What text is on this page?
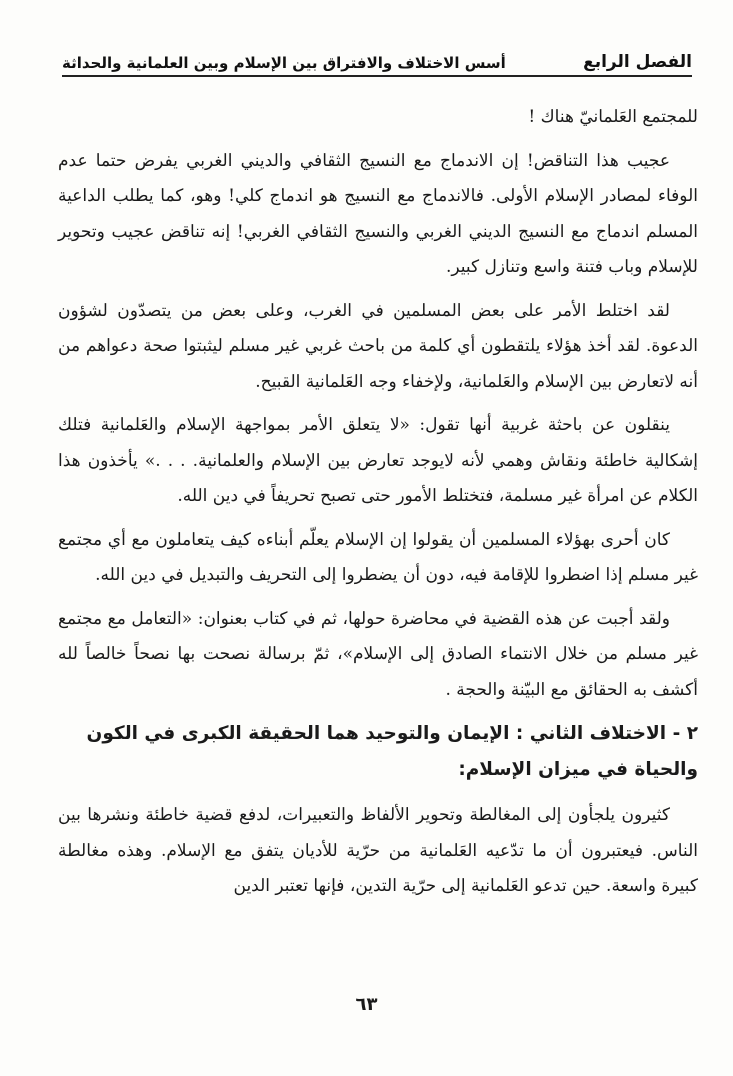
الفصل الرابع
أسس الاختلاف والافتراق بين الإسلام وبين العلمانية والحداثة

للمجتمع العَلمانيّ هناك !

عجيب هذا التناقض! إن الاندماج مع النسيج الثقافي والديني الغربي يفرض حتما عدم الوفاء لمصادر الإسلام الأولى. فالاندماج مع النسيج هو اندماج كلي! وهو، كما يطلب الداعية المسلم اندماج مع النسيج الديني الغربي والنسيج الثقافي الغربي! إنه تناقض عجيب وتحوير للإسلام وباب فتنة واسع وتنازل كبير.

لقد اختلط الأمر على بعض المسلمين في الغرب، وعلى بعض من يتصدّون لشؤون الدعوة. لقد أخذ هؤلاء يلتقطون أي كلمة من باحث غربي غير مسلم ليثبتوا صحة دعواهم من أنه لاتعارض بين الإسلام والعَلمانية، ولإخفاء وجه العَلمانية القبيح.

ينقلون عن باحثة غربية أنها تقول: «لا يتعلق الأمر بمواجهة الإسلام والعَلمانية فتلك إشكالية خاطئة ونقاش وهمي لأنه لايوجد تعارض بين الإسلام والعلمانية. . . .» يأخذون هذا الكلام عن امرأة غير مسلمة، فتختلط الأمور حتى تصبح تحريفاً في دين الله.

كان أحرى بهؤلاء المسلمين أن يقولوا إن الإسلام يعلّم أبناءه كيف يتعاملون مع أي مجتمع غير مسلم إذا اضطروا للإقامة فيه، دون أن يضطروا إلى التحريف والتبديل في دين الله.

ولقد أجبت عن هذه القضية في محاضرة حولها، ثم في كتاب بعنوان: «التعامل مع مجتمع غير مسلم من خلال الانتماء الصادق إلى الإسلام»، ثمّ برسالة نصحت بها نصحاً خالصاً لله أكشف به الحقائق مع البيّنة والحجة .

٢ - الاختلاف الثاني : الإيمان والتوحيد هما الحقيقة الكبرى في الكون والحياة في ميزان الإسلام:

كثيرون يلجأون إلى المغالطة وتحوير الألفاظ والتعبيرات، لدفع قضية خاطئة ونشرها بين الناس. فيعتبرون أن ما تدّعيه العَلمانية من حرّية للأديان يتفق مع الإسلام. وهذه مغالطة كبيرة واسعة. حين تدعو العَلمانية إلى حرّية التدين، فإنها تعتبر الدين

٦٣
